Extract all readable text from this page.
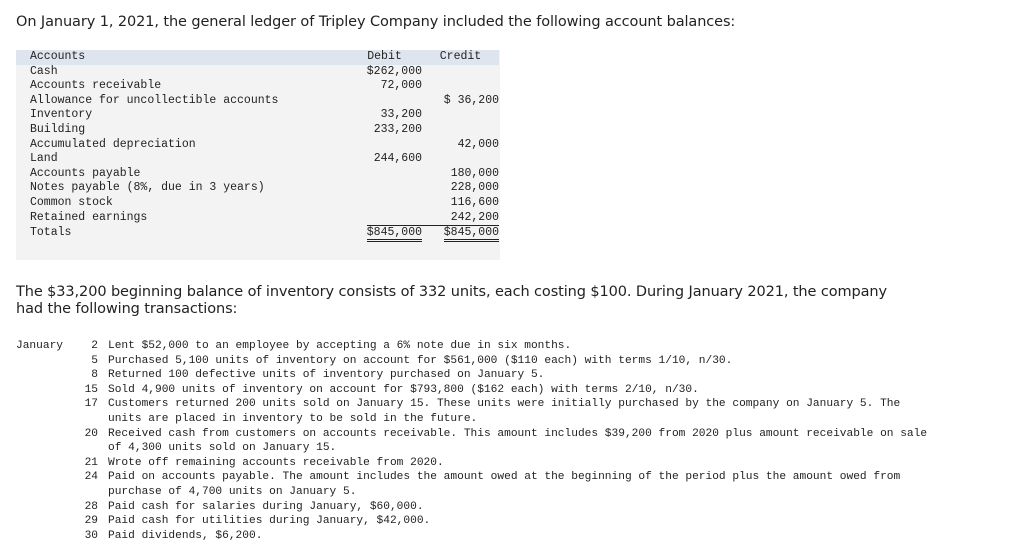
On January 1, 2021, the general ledger of Tripley Company included the following account balances:
Accounts	Debit	Credit
Cash	$262,000	
Accounts receivable	72,000	
Allowance for uncollectible accounts		$ 36,200
Inventory	33,200	
Building	233,200	
Accumulated depreciation		42,000
Land	244,600	
Accounts payable		180,000
Notes payable (8%, due in 3 years)		228,000
Common stock		116,600
Retained earnings		242,200
Totals	$845,000	$845,000
The $33,200 beginning balance of inventory consists of 332 units, each costing $100. During January 2021, the company had the following transactions:
January	2 Lent $52,000 to an employee by accepting a 6% note due in six months.
5 Purchased 5,100 units of inventory on account for $561,000 ($110 each) with terms 1/10, n/30.
8 Returned 100 defective units of inventory purchased on January 5.
15 Sold 4,900 units of inventory on account for $793,800 ($162 each) with terms 2/10, n/30.
17 Customers returned 200 units sold on January 15. These units were initially purchased by the company on January 5. The units are placed in inventory to be sold in the future.
20 Received cash from customers on accounts receivable. This amount includes $39,200 from 2020 plus amount receivable on sale of 4,300 units sold on January 15.
21 Wrote off remaining accounts receivable from 2020.
24 Paid on accounts payable. The amount includes the amount owed at the beginning of the period plus the amount owed from purchase of 4,700 units on January 5.
28 Paid cash for salaries during January, $60,000.
29 Paid cash for utilities during January, $42,000.
30 Paid dividends, $6,200.
